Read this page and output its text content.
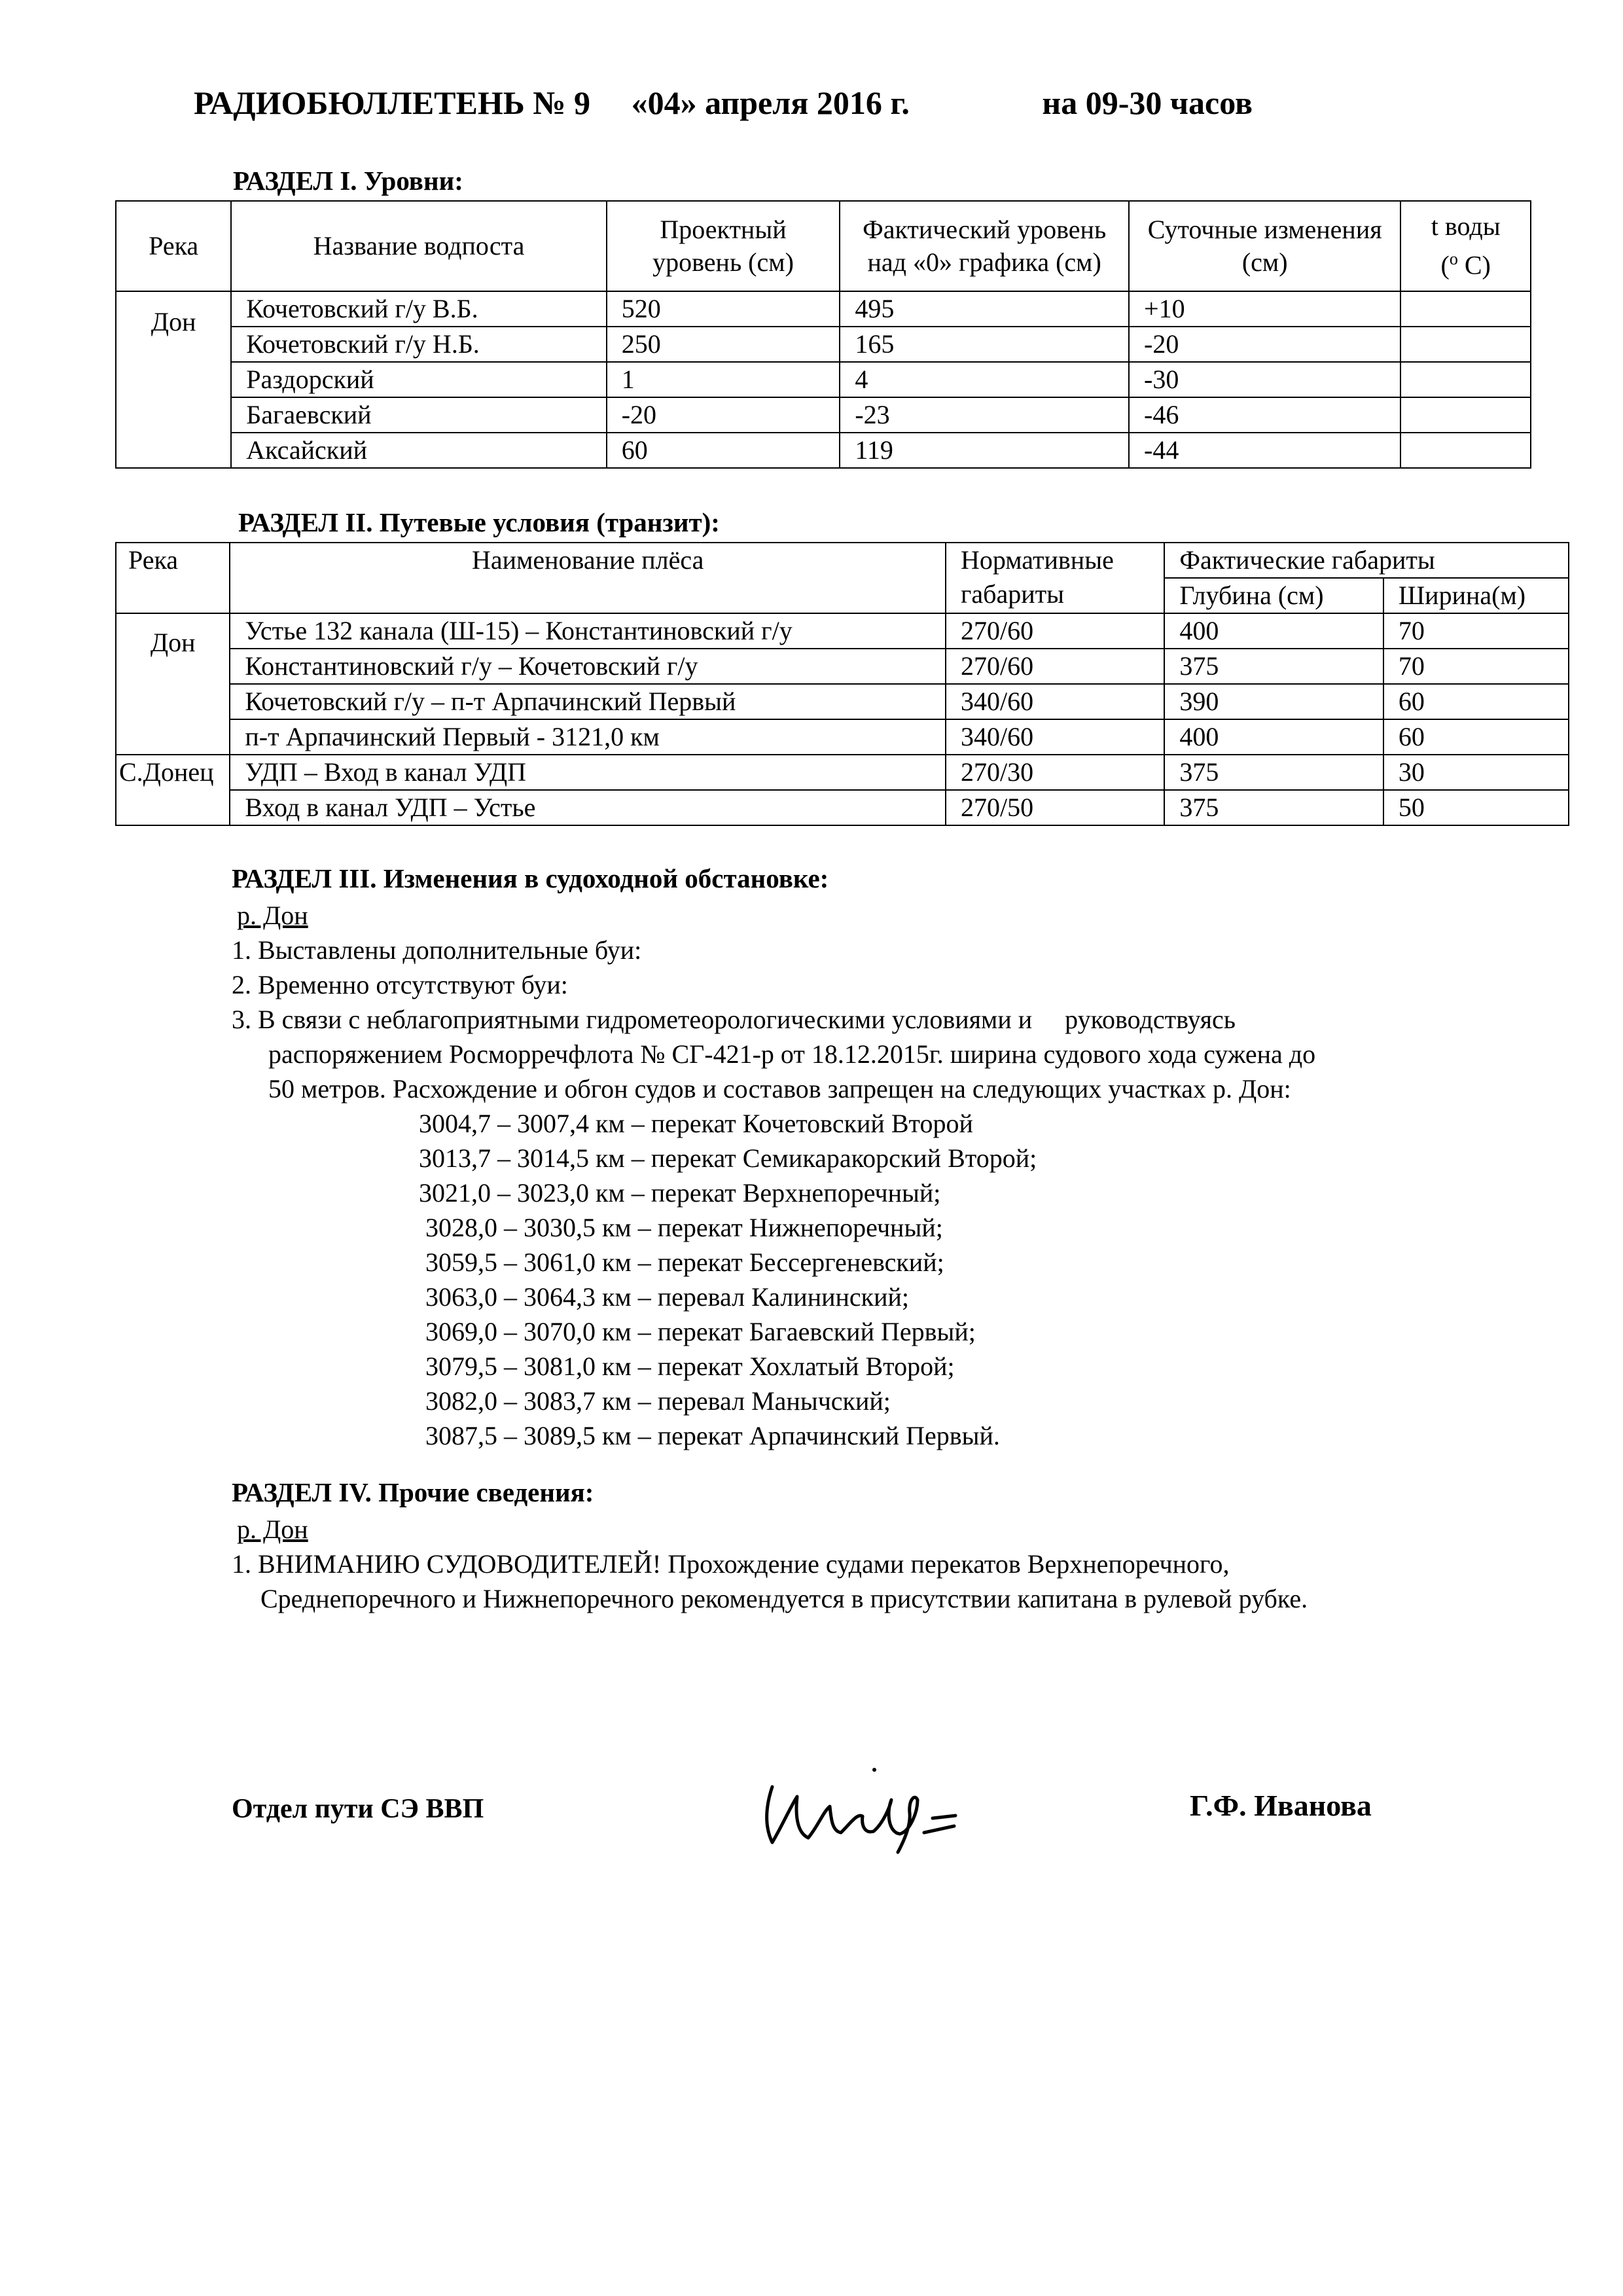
РАДИОБЮЛЛЕТЕНЬ № 9 «04» апреля 2016 г.	на 09-30 часов
РАЗДЕЛ I. Уровни:
Река	Название водпоста	Проектный уровень (см)	Фактический уровень над «0» графика (см)	Суточные изменения (см)	t воды
($^o$ С)
Дон	Кочетовский г/у В.Б.	520	495	+10	
	Кочетовский г/у Н.Б.	250	165	-20	
	Раздорский	1	4	-30	
	Багаевский	-20	-23	-46	
	Аксайский	60	119	-44	
РАЗДЕЛ II. Путевые условия (транзит):
Река	Наименование плёса	Нормативные габариты	Фактические габариты	
			Глубина (см)	Ширина(м)
Дон	Устье 132 канала (Ш-15) – Константиновский г/у	270/60	400	70
	Константиновский г/у – Кочетовский г/у	270/60	375	70
	Кочетовский г/у – п-т Арпачинский Первый	340/60	390	60
	п-т Арпачинский Первый - 3121,0 км	340/60	400	60
С.Донец	УДП – Вход в канал УДП	270/30	375	30
	Вход в канал УДП – Устье	270/50	375	50
РАЗДЕЛ III. Изменения в судоходной обстановке:
р. Дон
1. Выставлены дополнительные буи:
2. Временно отсутствуют буи:
3. В связи с неблагоприятными гидрометеорологическими условиями и     руководствуясь
распоряжением Росморречфлота № СГ-421-р от 18.12.2015г. ширина судового хода сужена до
50 метров. Расхождение и обгон судов и составов запрещен на следующих участках р. Дон:
3004,7 – 3007,4 км – перекат Кочетовский Второй
3013,7 – 3014,5 км – перекат Семикаракорский Второй;
3021,0 – 3023,0 км – перекат Верхнепоречный;
3028,0 – 3030,5 км – перекат Нижнепоречный;
3059,5 – 3061,0 км – перекат Бессергеневский;
3063,0 – 3064,3 км – перевал Калининский;
3069,0 – 3070,0 км – перекат Багаевский Первый;
3079,5 – 3081,0 км – перекат Хохлатый Второй;
3082,0 – 3083,7 км – перевал Манычский;
3087,5 – 3089,5 км – перекат Арпачинский Первый.
РАЗДЕЛ IV. Прочие сведения:
р. Дон
1. ВНИМАНИЮ СУДОВОДИТЕЛЕЙ! Прохождение судами перекатов Верхнепоречного,
Среднепоречного и Нижнепоречного рекомендуется в присутствии капитана в рулевой рубке.
Отдел пути СЭ ВВП	Г.Ф. Иванова
